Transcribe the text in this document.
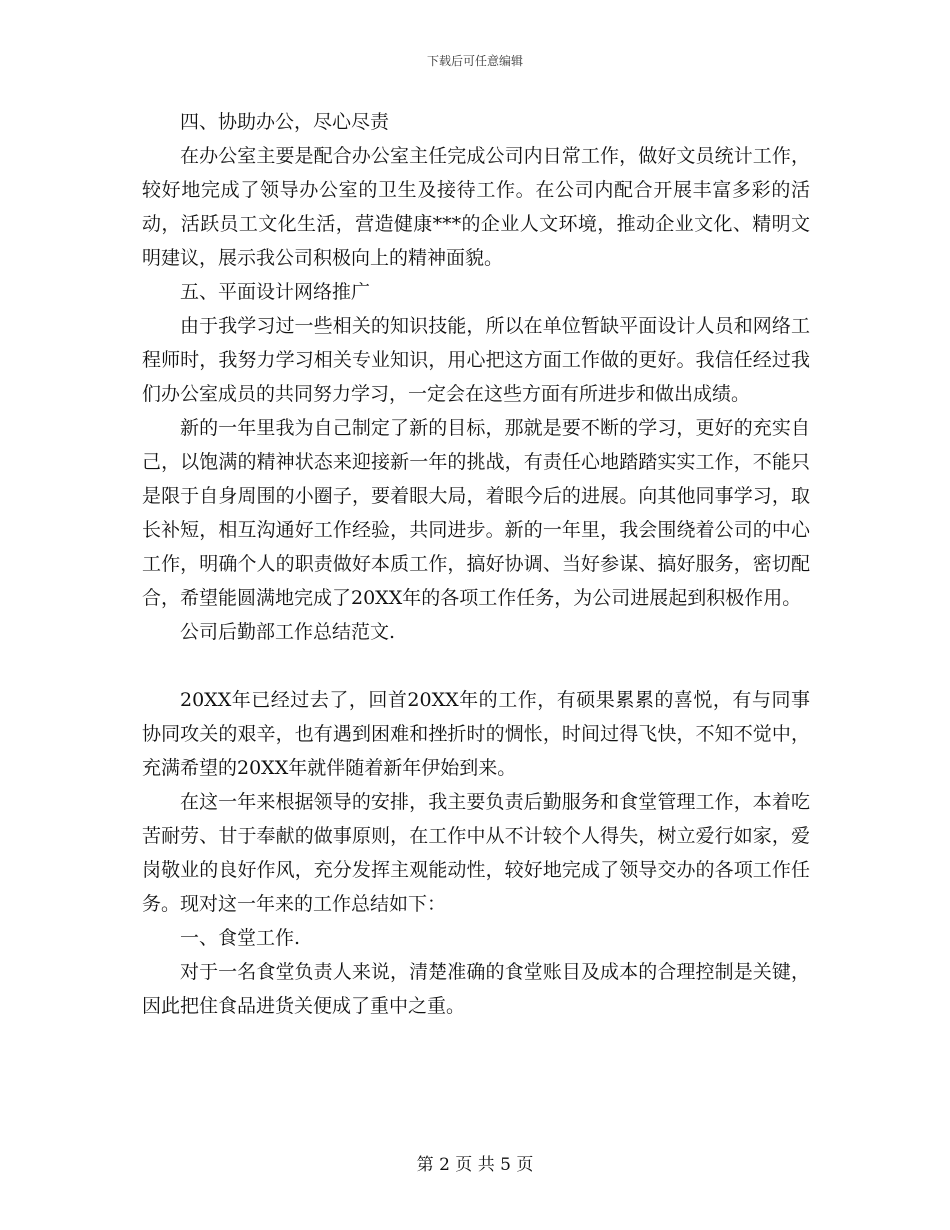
下载后可任意编辑

四、协助办公，尽心尽责

在办公室主要是配合办公室主任完成公司内日常工作，做好文员统计工作，较好地完成了领导办公室的卫生及接待工作。在公司内配合开展丰富多彩的活动，活跃员工文化生活，营造健康***的企业人文环境，推动企业文化、精明文明建议，展示我公司积极向上的精神面貌。

五、平面设计网络推广

由于我学习过一些相关的知识技能，所以在单位暂缺平面设计人员和网络工程师时，我努力学习相关专业知识，用心把这方面工作做的更好。我信任经过我们办公室成员的共同努力学习，一定会在这些方面有所进步和做出成绩。

新的一年里我为自己制定了新的目标，那就是要不断的学习，更好的充实自己，以饱满的精神状态来迎接新一年的挑战，有责任心地踏踏实实工作，不能只是限于自身周围的小圈子，要着眼大局，着眼今后的进展。向其他同事学习，取长补短，相互沟通好工作经验，共同进步。新的一年里，我会围绕着公司的中心工作，明确个人的职责做好本质工作，搞好协调、当好参谋、搞好服务，密切配合，希望能圆满地完成了20XX年的各项工作任务，为公司进展起到积极作用。

公司后勤部工作总结范文.

20XX年已经过去了，回首20XX年的工作，有硕果累累的喜悦，有与同事协同攻关的艰辛，也有遇到困难和挫折时的惆怅，时间过得飞快，不知不觉中，充满希望的20XX年就伴随着新年伊始到来。

在这一年来根据领导的安排，我主要负责后勤服务和食堂管理工作，本着吃苦耐劳、甘于奉献的做事原则，在工作中从不计较个人得失，树立爱行如家，爱岗敬业的良好作风，充分发挥主观能动性，较好地完成了领导交办的各项工作任务。现对这一年来的工作总结如下：

一、食堂工作.

对于一名食堂负责人来说，清楚准确的食堂账目及成本的合理控制是关键，因此把住食品进货关便成了重中之重。

第 2 页 共 5 页
